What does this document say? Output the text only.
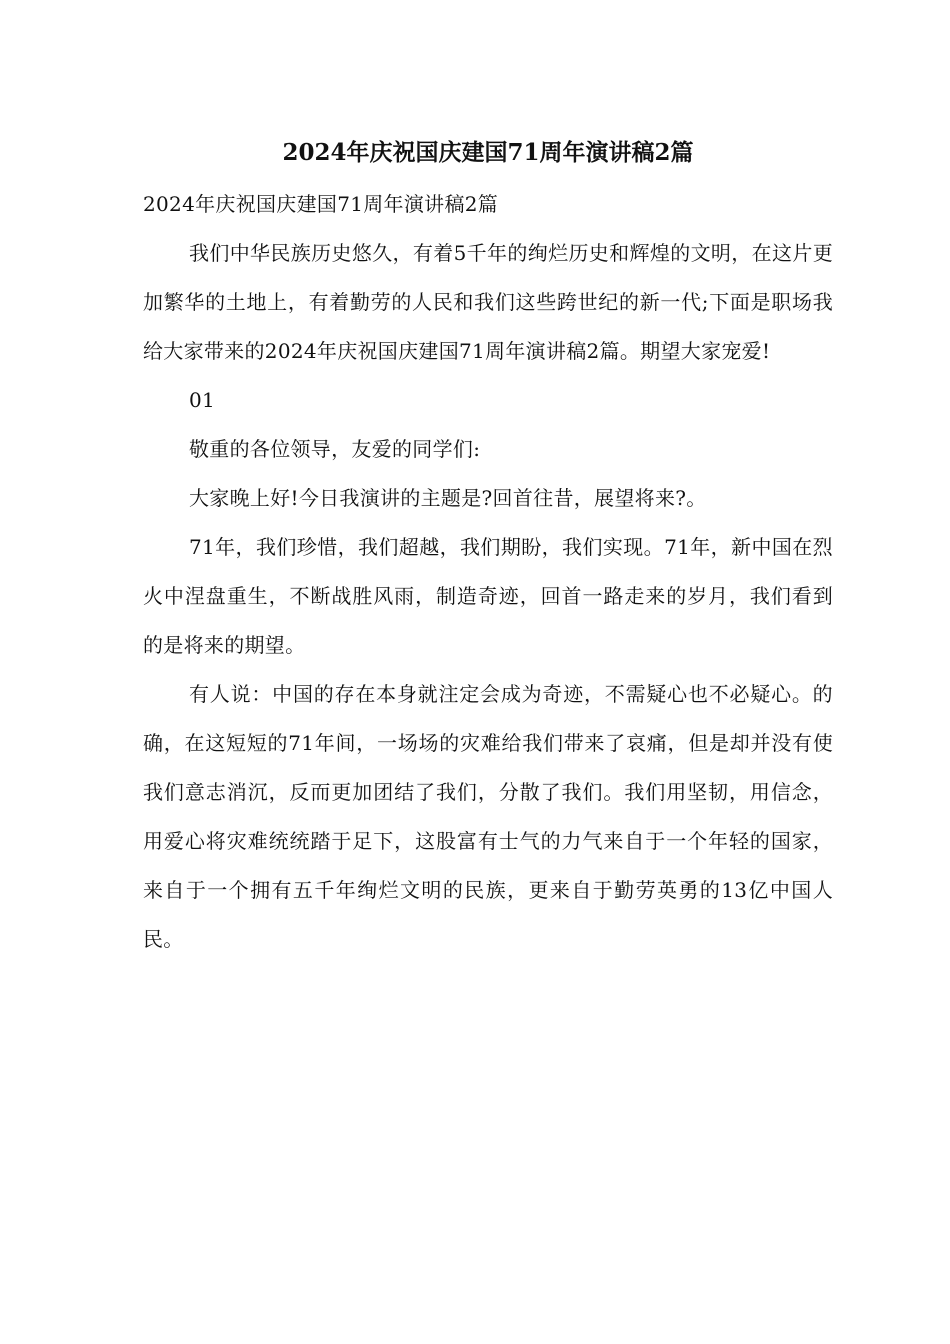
2024年庆祝国庆建国71周年演讲稿2篇

2024年庆祝国庆建国71周年演讲稿2篇

我们中华民族历史悠久，有着5千年的绚烂历史和辉煌的文明，在这片更加繁华的土地上，有着勤劳的人民和我们这些跨世纪的新一代;下面是职场我给大家带来的2024年庆祝国庆建国71周年演讲稿2篇。期望大家宠爱!

01

敬重的各位领导，友爱的同学们:

大家晚上好!今日我演讲的主题是?回首往昔，展望将来?。

71年，我们珍惜，我们超越，我们期盼，我们实现。71年，新中国在烈火中涅盘重生，不断战胜风雨，制造奇迹，回首一路走来的岁月，我们看到的是将来的期望。

有人说：中国的存在本身就注定会成为奇迹，不需疑心也不必疑心。的确，在这短短的71年间，一场场的灾难给我们带来了哀痛，但是却并没有使我们意志消沉，反而更加团结了我们，分散了我们。我们用坚韧，用信念，用爱心将灾难统统踏于足下，这股富有士气的力气来自于一个年轻的国家，来自于一个拥有五千年绚烂文明的民族，更来自于勤劳英勇的13亿中国人民。
